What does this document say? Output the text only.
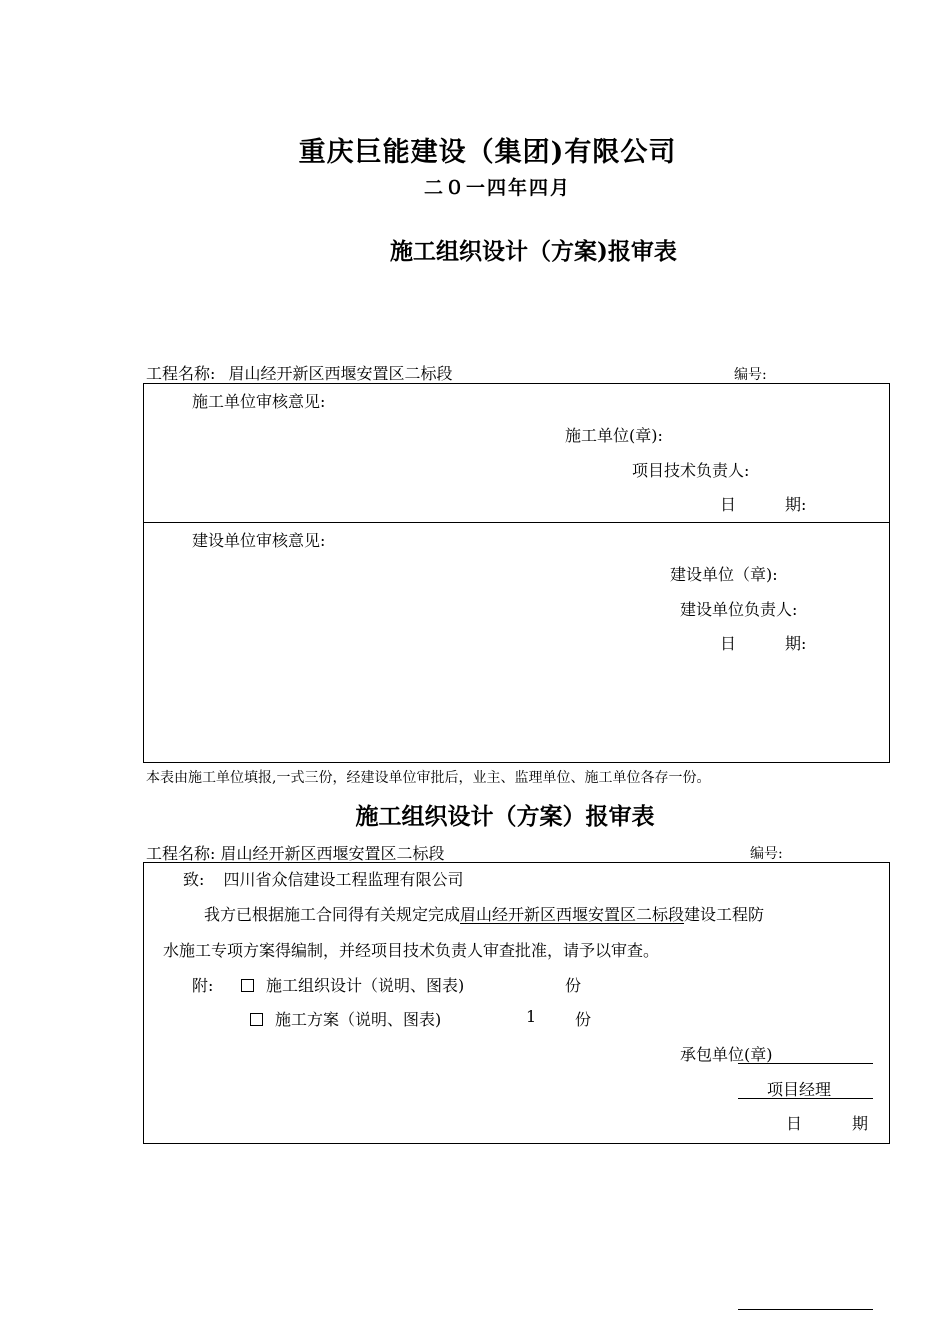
重庆巨能建设（集团)有限公司
二０一四年四月
施工组织设计（方案)报审表
工程名称: 眉山经开新区西堰安置区二标段	编号:
施工单位审核意见:
施工单位(章):
项目技术负责人:
日	期:
建设单位审核意见:
建设单位（章):
建设单位负责人:
日	期:
本表由施工单位填报,一式三份，经建设单位审批后，业主、监理单位、施工单位各存一份。
施工组织设计（方案）报审表
工程名称: 眉山经开新区西堰安置区二标段	编号:
致: 四川省众信建设工程监理有限公司
我方已根据施工合同得有关规定完成眉山经开新区西堰安置区二标段建设工程防
水施工专项方案得编制，并经项目技术负责人审查批准，请予以审查。
附:	施工组织设计（说明、图表)	份
施工方案（说明、图表)	1 份
承包单位(章)
项目经理
日	期
